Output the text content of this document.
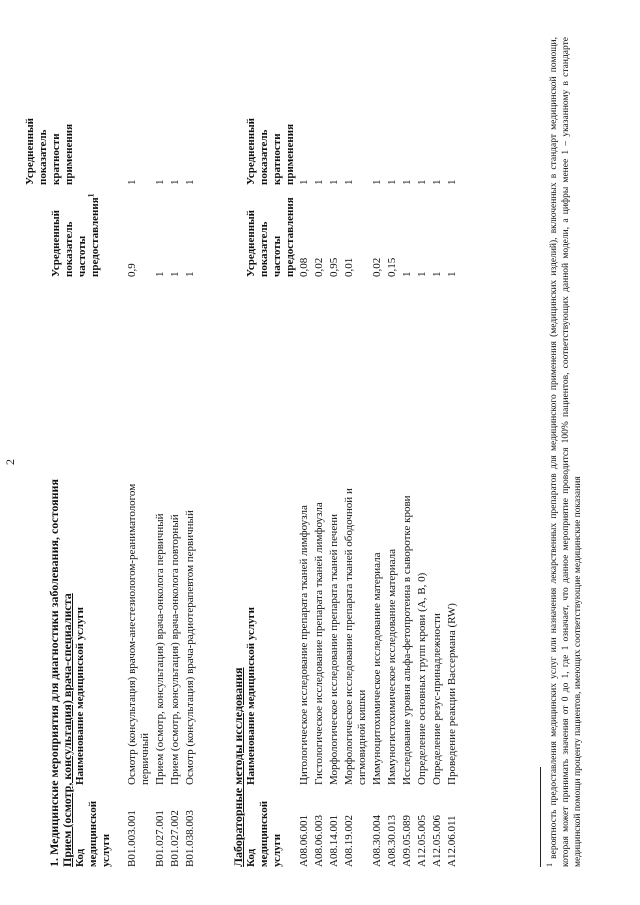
2
1. Медицинские мероприятия для диагностики заболевания, состояния Прием (осмотр, консультация) врача-специалиста Код медицинской услуги
Наименование медицинской услуги
Усредненный показатель частоты предоставления$^1$
Усредненный показатель кратности применения
B01.003.001
Осмотр (консультация) врачом-анестезиологом-реаниматологом первичный
0,9
1
B01.027.001
Прием (осмотр, консультация) врача-онколога первичный
1
1
B01.027.002
Прием (осмотр, консультация) врача-онколога повторный
1
1
B01.038.003
Осмотр (консультация) врача-радиотерапевтом первичный
1
1
Лабораторные методы исследования Код медицинской услуги
Наименование медицинской услуги
Усредненный показатель частоты предоставления
Усредненный показатель кратности применения
A08.06.001
Цитологическое исследование препарата тканей лимфоузла
0,08
1
A08.06.003
Гистологическое исследование препарата тканей лимфоузла
0,02
1
A08.14.001
Морфологическое исследование препарата тканей печени
0,95
1
A08.19.002
Морфологическое исследование препарата тканей ободочной и сигмовидной кишки
0,01
1
A08.30.004
Иммуноцитохимическое исследование материала
0,02
1
A08.30.013
Иммуногистохимическое исследование материала
0,15
1
A09.05.089
Исследование уровня альфа-фетопротеина в сыворотке крови
1
1
A12.05.005
Определение основных групп крови (A, B, 0)
1
1
A12.05.006
Определение резус-принадлежности
1
1
A12.06.011
Проведение реакции Вассермана (RW)
1
1
$^1$ вероятность предоставления медицинских услуг или назначения лекарственных препаратов для медицинского применения (медицинских изделий), включенных в стандарт медицинской помощи, которая может принимать значения от 0 до 1, где 1 означает, что данное мероприятие проводится 100% пациентов, соответствующих данной модели, а цифры менее 1 – указанному в стандарте медицинской помощи проценту пациентов, имеющих соответствующие медицинские показания
